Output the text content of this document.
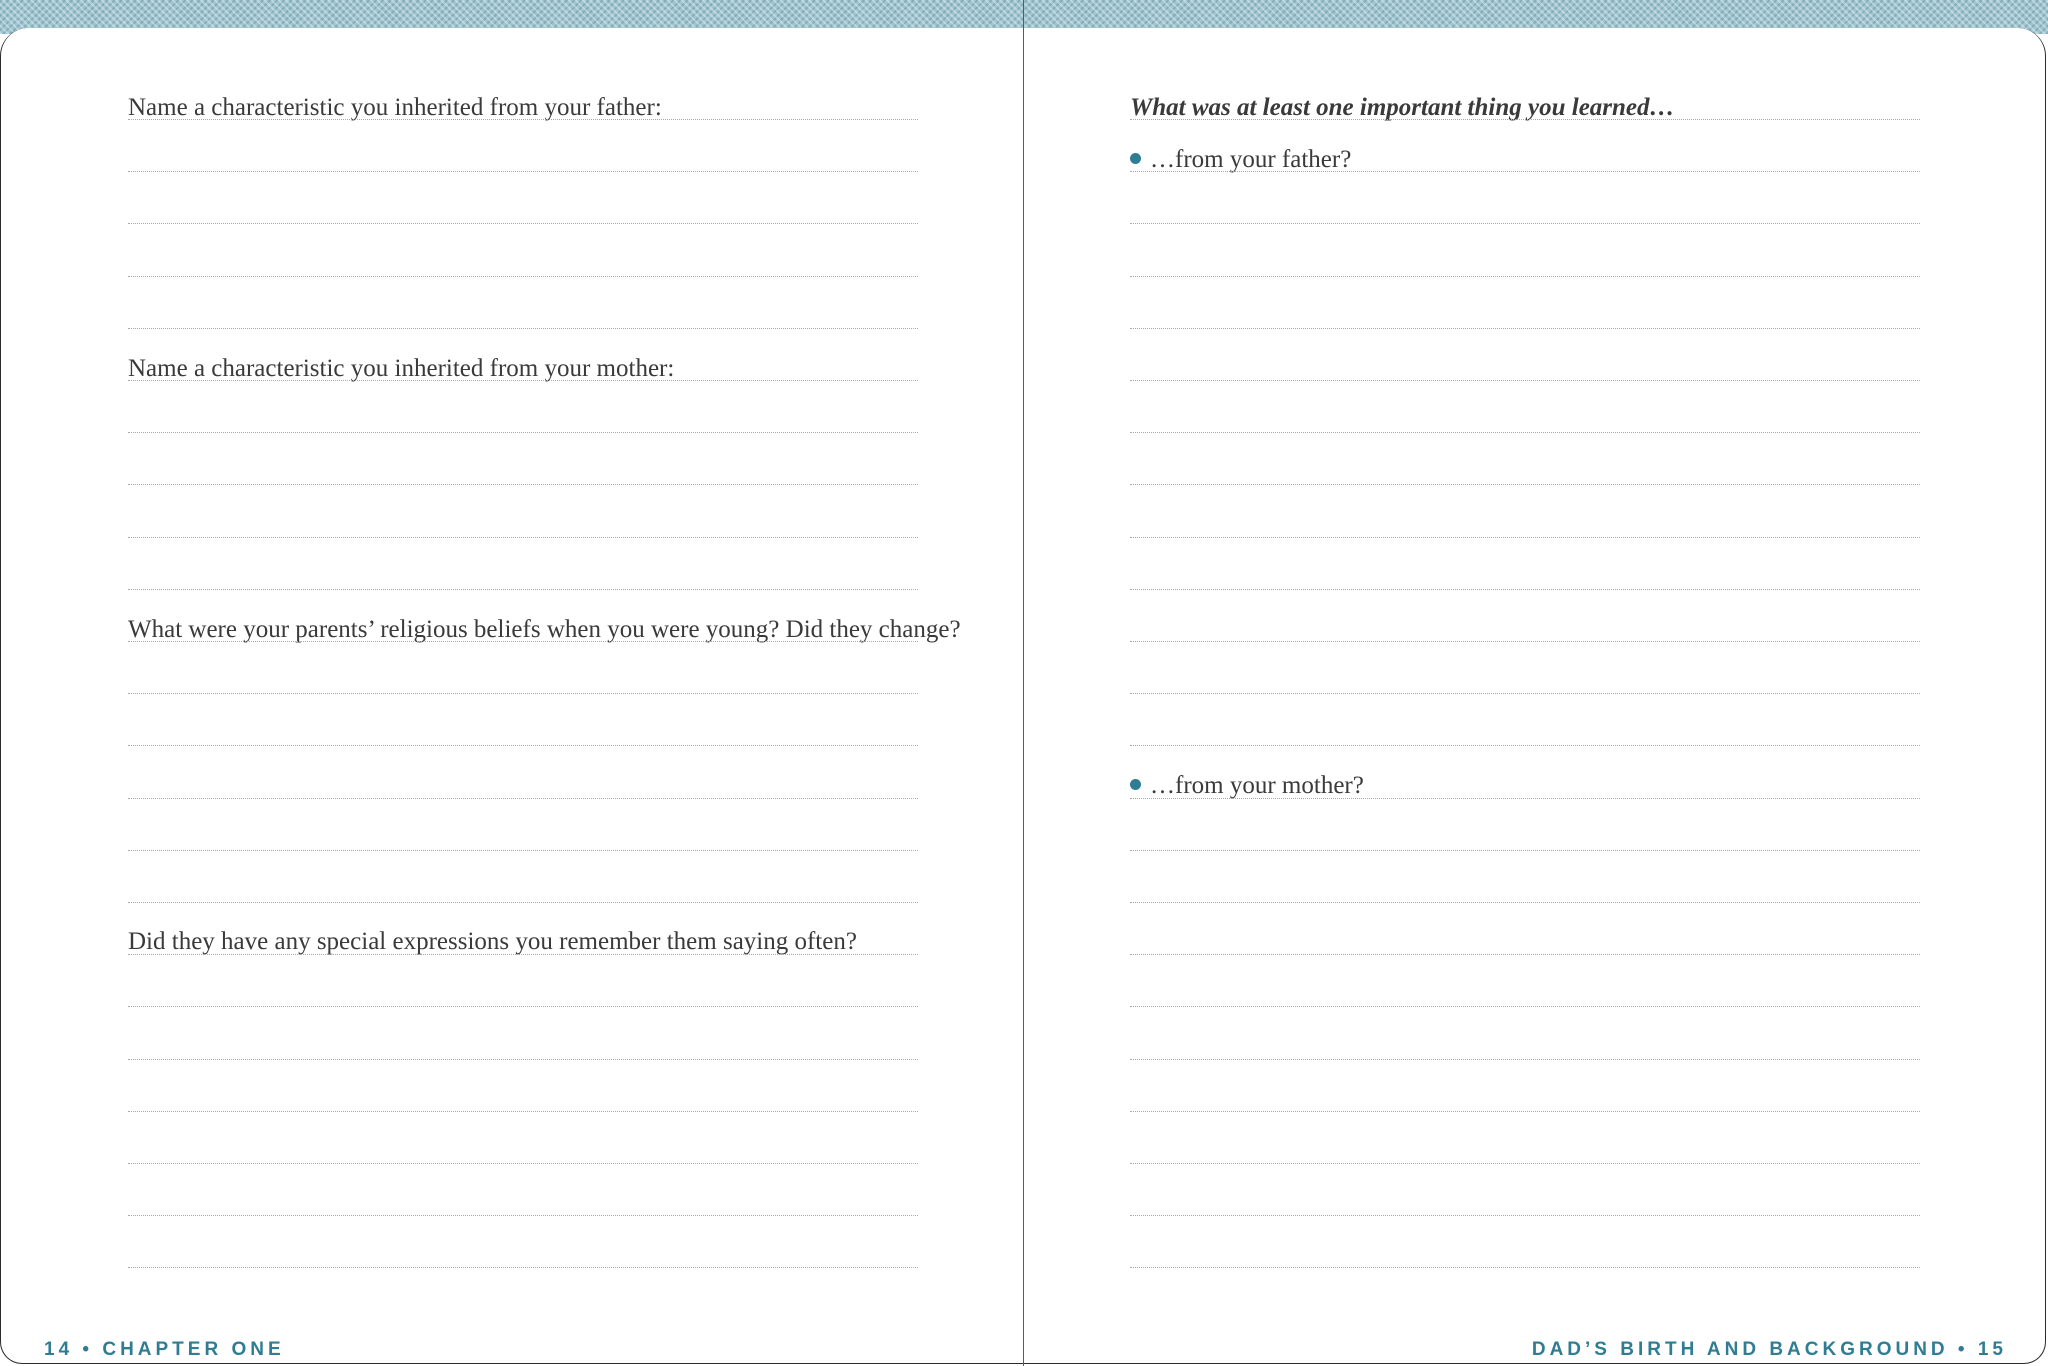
Name a characteristic you inherited from your father:
Name a characteristic you inherited from your mother:
What were your parents’ religious beliefs when you were young? Did they change?
Did they have any special expressions you remember them saying often?
14 • CHAPTER ONE
What was at least one important thing you learned…
…from your father?
…from your mother?
DAD’S BIRTH AND BACKGROUND • 15
